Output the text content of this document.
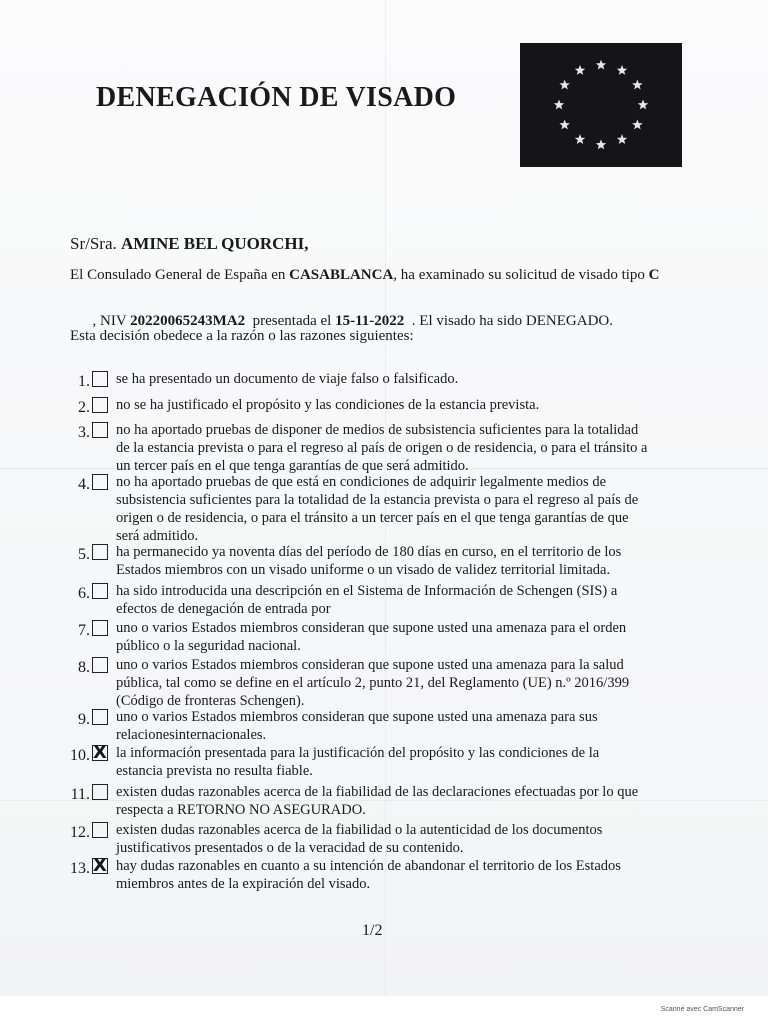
DENEGACIÓN DE VISADO
Sr/Sra. AMINE BEL QUORCHI,
El Consulado General de España en CASABLANCA, ha examinado su solicitud de visado tipo C

, NIV 20220065243MA2  presentada el 15-11-2022  . El visado ha sido DENEGADO.

Esta decisión obedece a la razón o las razones siguientes:
1. se ha presentado un documento de viaje falso o falsificado.
2. no se ha justificado el propósito y las condiciones de la estancia prevista.
3. no ha aportado pruebas de disponer de medios de subsistencia suficientes para la totalidad
de la estancia prevista o para el regreso al país de origen o de residencia, o para el tránsito a
un tercer país en el que tenga garantías de que será admitido.
4. no ha aportado pruebas de que está en condiciones de adquirir legalmente medios de
subsistencia suficientes para la totalidad de la estancia prevista o para el regreso al país de
origen o de residencia, o para el tránsito a un tercer país en el que tenga garantías de que
será admitido.
5. ha permanecido ya noventa días del período de 180 días en curso, en el territorio de los
Estados miembros con un visado uniforme o un visado de validez territorial limitada.
6. ha sido introducida una descripción en el Sistema de Información de Schengen (SIS) a
efectos de denegación de entrada por
7. uno o varios Estados miembros consideran que supone usted una amenaza para el orden
público o la seguridad nacional.
8. uno o varios Estados miembros consideran que supone usted una amenaza para la salud
pública, tal como se define en el artículo 2, punto 21, del Reglamento (UE) n.º 2016/399
(Código de fronteras Schengen).
9. uno o varios Estados miembros consideran que supone usted una amenaza para sus
relacionesinternacionales.
10. X la información presentada para la justificación del propósito y las condiciones de la
estancia prevista no resulta fiable.
11. existen dudas razonables acerca de la fiabilidad de las declaraciones efectuadas por lo que
respecta a RETORNO NO ASEGURADO.
12. existen dudas razonables acerca de la fiabilidad o la autenticidad de los documentos
justificativos presentados o de la veracidad de su contenido.
13. X hay dudas razonables en cuanto a su intención de abandonar el territorio de los Estados
miembros antes de la expiración del visado.
1/2
Scanné avec CamScanner
